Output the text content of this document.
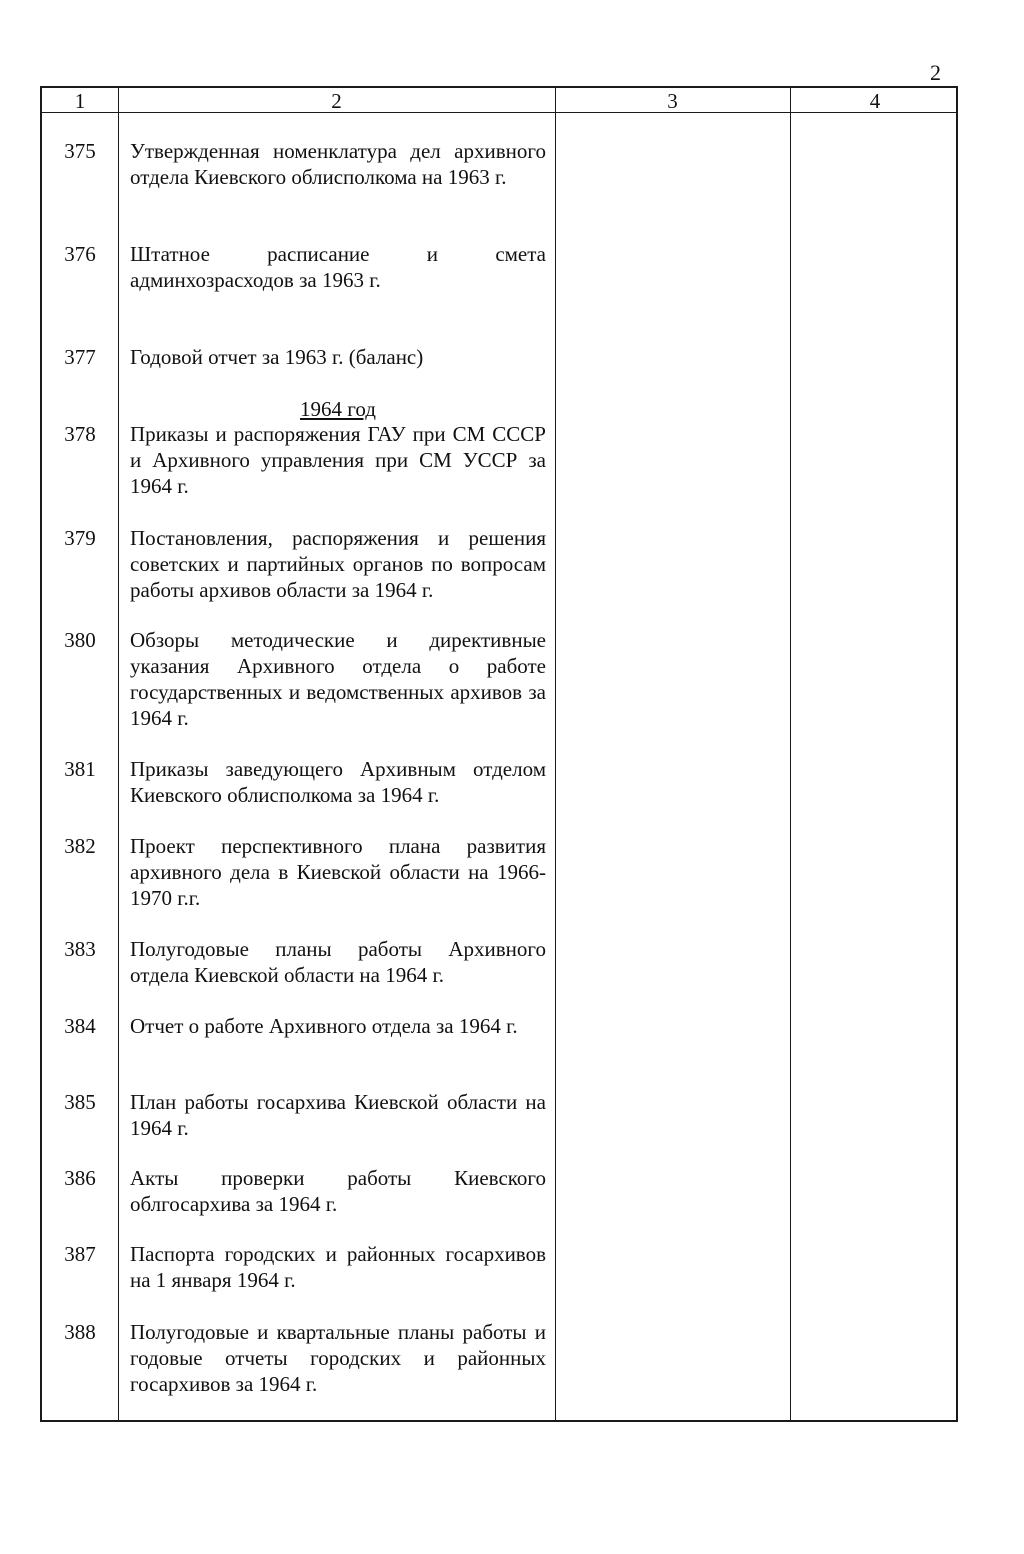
2
1	2	3	4
375	Утвержденная номенклатура дел архивного отдела Киевского облисполкома на 1963 г.
376	Штатное расписание и смета админхозрасходов за 1963 г.
377	Годовой отчет за 1963 г. (баланс)
1964 год
378	Приказы и распоряжения ГАУ при СМ СССР и Архивного управления при СМ УССР за 1964 г.
379	Постановления, распоряжения и решения советских и партийных органов по вопросам работы архивов области за 1964 г.
380	Обзоры методические и директивные указания Архивного отдела о работе государственных и ведомственных архивов за 1964 г.
381	Приказы заведующего Архивным отделом Киевского облисполкома за 1964 г.
382	Проект перспективного плана развития архивного дела в Киевской области на 1966-1970 г.г.
383	Полугодовые планы работы Архивного отдела Киевской области на 1964 г.
384	Отчет о работе Архивного отдела за 1964 г.
385	План работы госархива Киевской области на 1964 г.
386	Акты проверки работы Киевского облгосархива за 1964 г.
387	Паспорта городских и районных госархивов на 1 января 1964 г.
388	Полугодовые и квартальные планы работы и годовые отчеты городских и районных госархивов за 1964 г.
